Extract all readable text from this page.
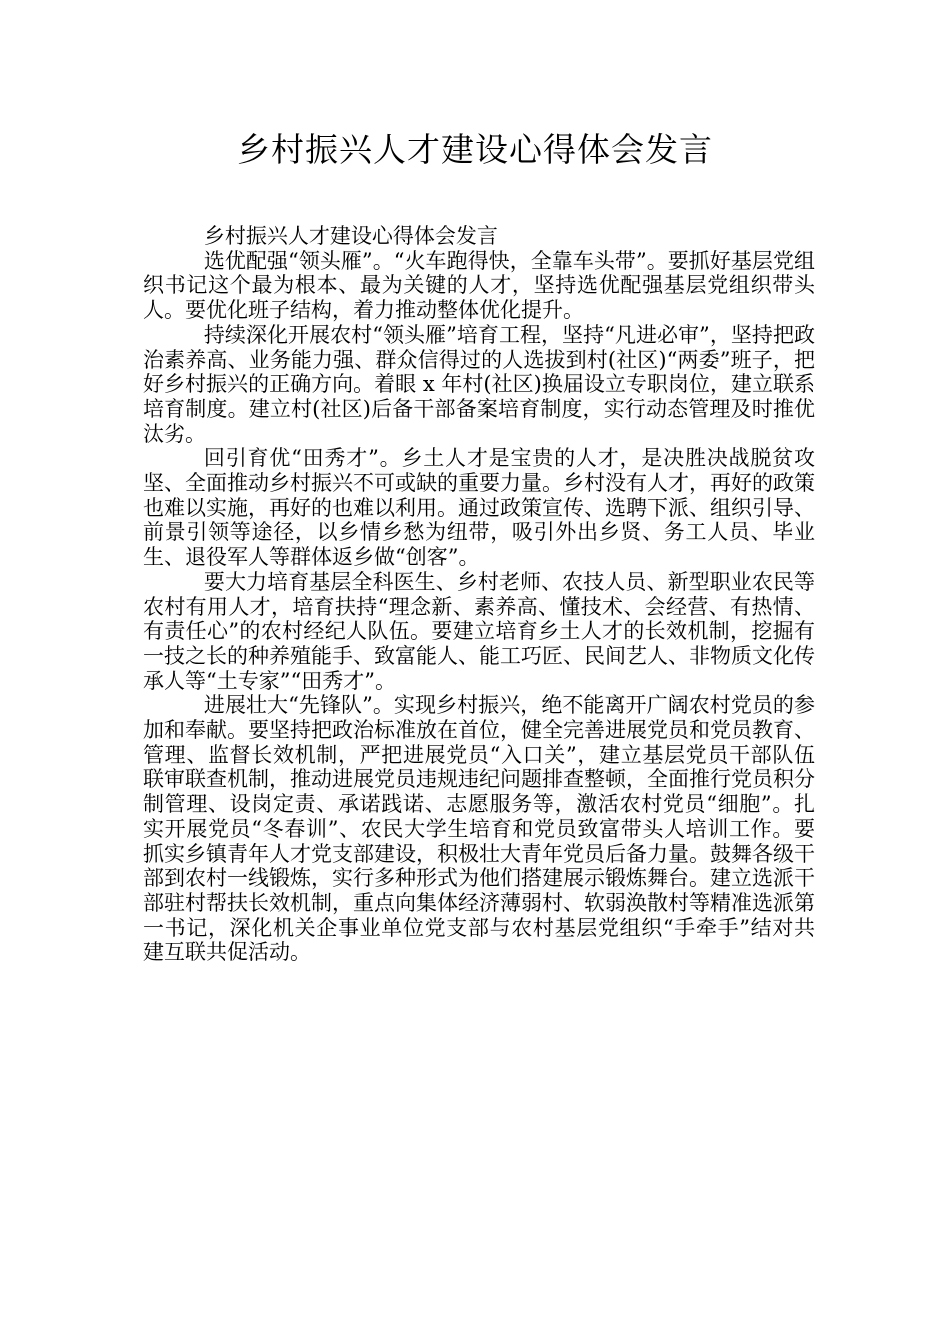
乡村振兴人才建设心得体会发言

乡村振兴人才建设心得体会发言

选优配强“领头雁”。“火车跑得快，全靠车头带”。要抓好基层党组织书记这个最为根本、最为关键的人才，坚持选优配强基层党组织带头人。要优化班子结构，着力推动整体优化提升。

持续深化开展农村“领头雁”培育工程，坚持“凡进必审”，坚持把政治素养高、业务能力强、群众信得过的人选拔到村(社区)“两委”班子，把好乡村振兴的正确方向。着眼 x 年村(社区)换届设立专职岗位，建立联系培育制度。建立村(社区)后备干部备案培育制度，实行动态管理及时推优汰劣。

回引育优“田秀才”。乡土人才是宝贵的人才，是决胜决战脱贫攻坚、全面推动乡村振兴不可或缺的重要力量。乡村没有人才，再好的政策也难以实施，再好的也难以利用。通过政策宣传、选聘下派、组织引导、前景引领等途径，以乡情乡愁为纽带，吸引外出乡贤、务工人员、毕业生、退役军人等群体返乡做“创客”。

要大力培育基层全科医生、乡村老师、农技人员、新型职业农民等农村有用人才，培育扶持“理念新、素养高、懂技术、会经营、有热情、有责任心”的农村经纪人队伍。要建立培育乡土人才的长效机制，挖掘有一技之长的种养殖能手、致富能人、能工巧匠、民间艺人、非物质文化传承人等“土专家”“田秀才”。

进展壮大“先锋队”。实现乡村振兴，绝不能离开广阔农村党员的参加和奉献。要坚持把政治标准放在首位，健全完善进展党员和党员教育、管理、监督长效机制，严把进展党员“入口关”，建立基层党员干部队伍联审联查机制，推动进展党员违规违纪问题排查整顿，全面推行党员积分制管理、设岗定责、承诺践诺、志愿服务等，激活农村党员“细胞”。扎实开展党员“冬春训”、农民大学生培育和党员致富带头人培训工作。要抓实乡镇青年人才党支部建设，积极壮大青年党员后备力量。鼓舞各级干部到农村一线锻炼，实行多种形式为他们搭建展示锻炼舞台。建立选派干部驻村帮扶长效机制，重点向集体经济薄弱村、软弱涣散村等精准选派第一书记，深化机关企事业单位党支部与农村基层党组织“手牵手”结对共建互联共促活动。
